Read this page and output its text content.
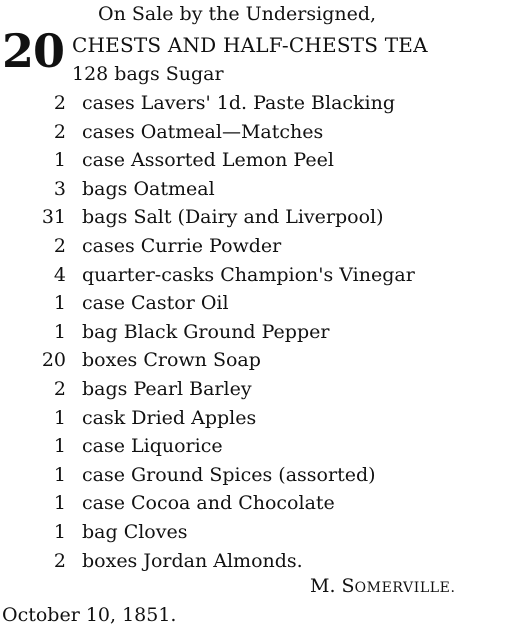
On Sale by the Undersigned,
20 CHESTS AND HALF-CHESTS TEA
128 bags Sugar
2 cases Lavers' 1d. Paste Blacking
2 cases Oatmeal—Matches
1 case Assorted Lemon Peel
3 bags Oatmeal
31 bags Salt (Dairy and Liverpool)
2 cases Currie Powder
4 quarter-casks Champion's Vinegar
1 case Castor Oil
1 bag Black Ground Pepper
20 boxes Crown Soap
2 bags Pearl Barley
1 cask Dried Apples
1 case Liquorice
1 case Ground Spices (assorted)
1 case Cocoa and Chocolate
1 bag Cloves
2 boxes Jordan Almonds.
M. SOMERVILLE.
October 10, 1851.
